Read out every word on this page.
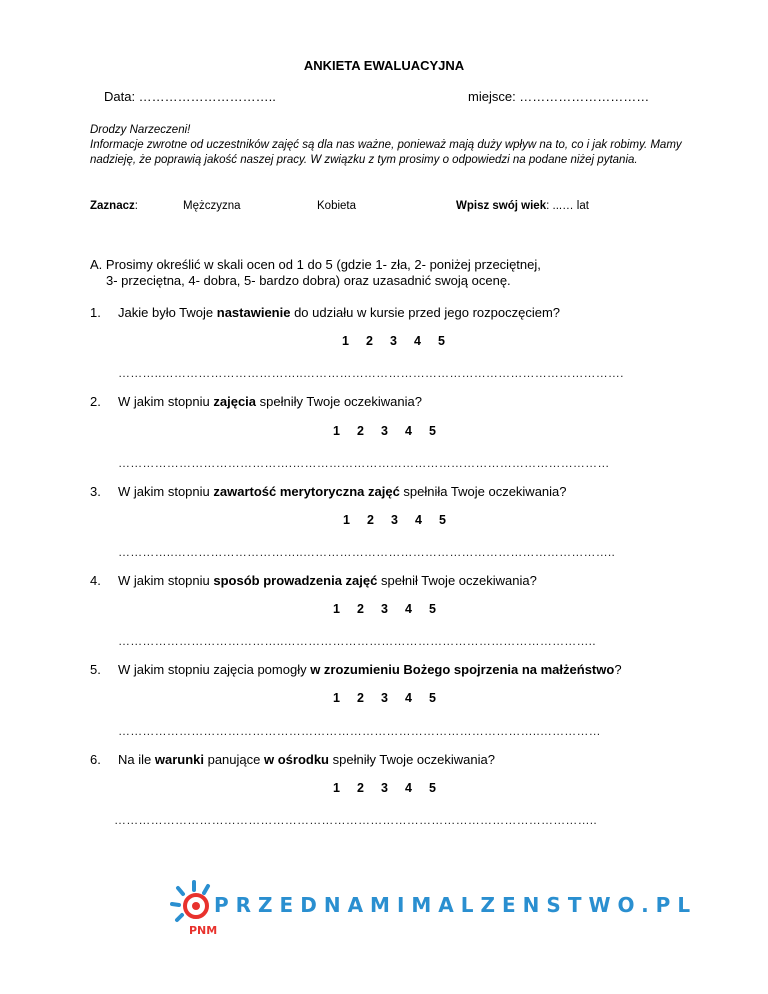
ANKIETA EWALUACYJNA
Data: …………………………..	miejsce: …………………………
Drodzy Narzeczeni!
Informacje zwrotne od uczestników zajęć są dla nas ważne, ponieważ mają duży wpływ na to, co i jak robimy. Mamy nadzieję, że poprawią jakość naszej pracy. W związku z tym prosimy o odpowiedzi na podane niżej pytania.
Zaznacz:	Mężczyzna	Kobieta	Wpisz swój wiek: ...… lat
A. Prosimy określić w skali ocen od 1 do 5 (gdzie 1- zła, 2- poniżej przeciętnej,
3- przeciętna, 4- dobra, 5- bardzo dobra) oraz uzasadnić swoją ocenę.
1. Jakie było Twoje nastawienie do udziału w kursie przed jego rozpoczęciem?
1 2 3 4 5
………..……………………………..…………………………………………………………………….
2. W jakim stopniu zajęcia spełniły Twoje oczekiwania?
1 2 3 4 5
…………………………………….……………………………………………………………………
3. W jakim stopniu zawartość merytoryczna zajęć spełniła Twoje oczekiwania?
1 2 3 4 5
…………..…………………………..…………………………………………………………………..
4. W jakim stopniu sposób prowadzenia zajęć spełnił Twoje oczekiwania?
1 2 3 4 5
…………………………………..…………………………………………………………………..
5. W jakim stopniu zajęcia pomogły w zrozumieniu Bożego spojrzenia na małżeństwo?
1 2 3 4 5
…………………………………………………………………………………………..……………
6. Na ile warunki panujące w ośrodku spełniły Twoje oczekiwania?
1 2 3 4 5
………………………………………………………………………………………………………..
PNM
PRZEDNAMIMALZENSTWO.PL
